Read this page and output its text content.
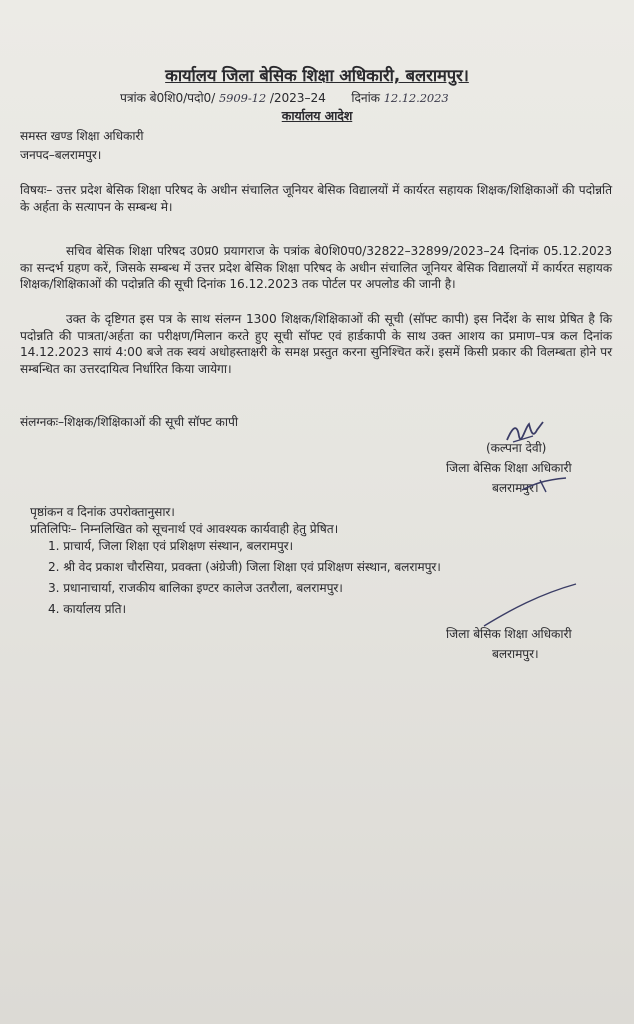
कार्यालय जिला बेसिक शिक्षा अधिकारी, बलरामपुर।
पत्रांक बे0शि0/पदो0/ 5909-12 /2023–24 दिनांक 12.12.2023
कार्यालय आदेश
समस्त खण्ड शिक्षा अधिकारी
जनपद–बलरामपुर।
विषयः– उत्तर प्रदेश बेसिक शिक्षा परिषद के अधीन संचालित जूनियर बेसिक विद्यालयों में कार्यरत सहायक शिक्षक/शिक्षिकाओं की पदोन्नति के अर्हता के सत्यापन के सम्बन्ध मे।
सचिव बेसिक शिक्षा परिषद उ0प्र0 प्रयागराज के पत्रांक बे0शि0प0/32822–32899/2023–24 दिनांक 05.12.2023 का सन्दर्भ ग्रहण करें, जिसके सम्बन्ध में उत्तर प्रदेश बेसिक शिक्षा परिषद के अधीन संचालित जूनियर बेसिक विद्यालयों में कार्यरत सहायक शिक्षक/शिक्षिकाओं की पदोन्नति की सूची दिनांक 16.12.2023 तक पोर्टल पर अपलोड की जानी है।
उक्त के दृष्टिगत इस पत्र के साथ संलग्न 1300 शिक्षक/शिक्षिकाओं की सूची (सॉफ्ट कापी) इस निर्देश के साथ प्रेषित है कि पदोन्नति की पात्रता/अर्हता का परीक्षण/मिलान करते हुए सूची सॉफ्ट एवं हार्डकापी के साथ उक्त आशय का प्रमाण–पत्र कल दिनांक 14.12.2023 सायं 4:00 बजे तक स्वयं अधोहस्ताक्षरी के समक्ष प्रस्तुत करना सुनिश्चित करें। इसमें किसी प्रकार की विलम्बता होने पर सम्बन्धित का उत्तरदायित्व निर्धारित किया जायेगा।
संलग्नकः–शिक्षक/शिक्षिकाओं की सूची सॉफ्ट कापी
(कल्पना देवी)
जिला बेसिक शिक्षा अधिकारी
बलरामपुर।
पृष्ठांकन व दिनांक उपरोक्तानुसार।
प्रतिलिपिः– निम्नलिखित को सूचनार्थ एवं आवश्यक कार्यवाही हेतु प्रेषित।
1. प्राचार्य, जिला शिक्षा एवं प्रशिक्षण संस्थान, बलरामपुर।
2. श्री वेद प्रकाश चौरसिया, प्रवक्ता (अंग्रेजी) जिला शिक्षा एवं प्रशिक्षण संस्थान, बलरामपुर।
3. प्रधानाचार्या, राजकीय बालिका इण्टर कालेज उतरौला, बलरामपुर।
4. कार्यालय प्रति।
जिला बेसिक शिक्षा अधिकारी
बलरामपुर।
